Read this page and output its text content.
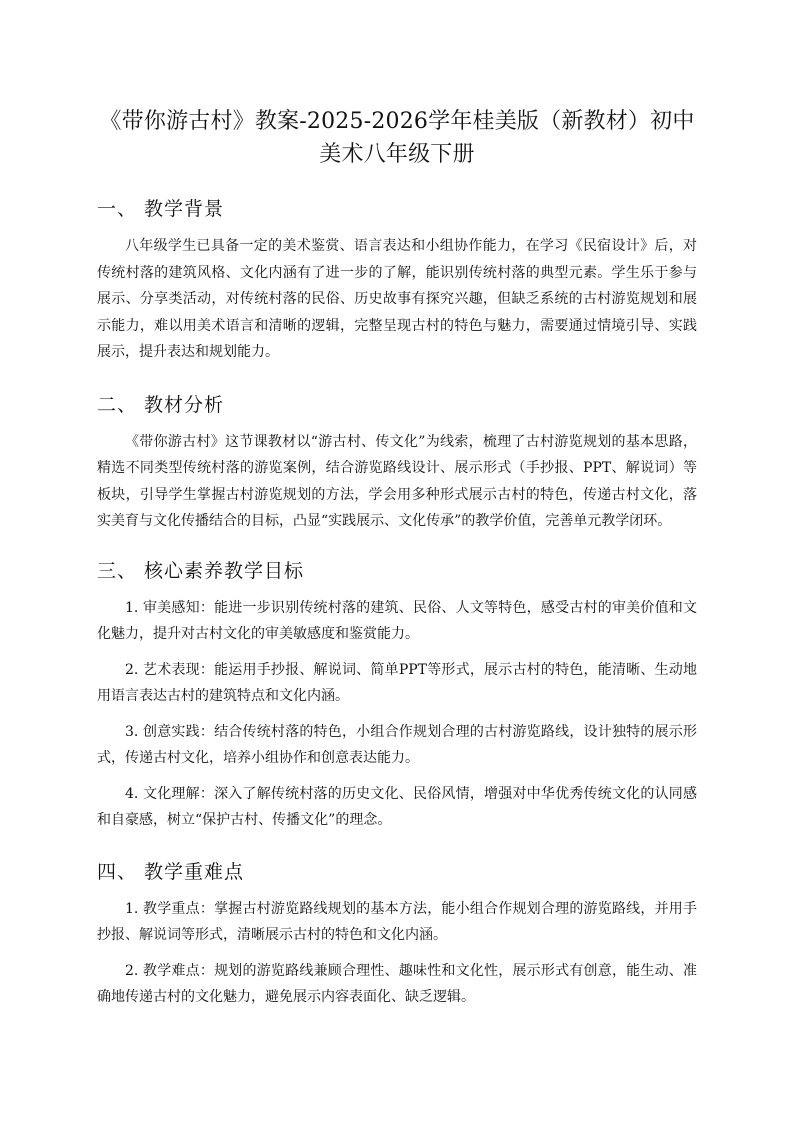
《带你游古村》教案-2025-2026学年桂美版（新教材）初中美术八年级下册
一、 教学背景

八年级学生已具备一定的美术鉴赏、语言表达和小组协作能力，在学习《民宿设计》后，对传统村落的建筑风格、文化内涵有了进一步的了解，能识别传统村落的典型元素。学生乐于参与展示、分享类活动，对传统村落的民俗、历史故事有探究兴趣，但缺乏系统的古村游览规划和展示能力，难以用美术语言和清晰的逻辑，完整呈现古村的特色与魅力，需要通过情境引导、实践展示，提升表达和规划能力。

二、 教材分析

《带你游古村》这节课教材以“游古村、传文化”为线索，梳理了古村游览规划的基本思路，精选不同类型传统村落的游览案例，结合游览路线设计、展示形式（手抄报、PPT、解说词）等板块，引导学生掌握古村游览规划的方法，学会用多种形式展示古村的特色，传递古村文化，落实美育与文化传播结合的目标，凸显“实践展示、文化传承”的教学价值，完善单元教学闭环。

三、 核心素养教学目标

1. 审美感知：能进一步识别传统村落的建筑、民俗、人文等特色，感受古村的审美价值和文化魅力，提升对古村文化的审美敏感度和鉴赏能力。

2. 艺术表现：能运用手抄报、解说词、简单PPT等形式，展示古村的特色，能清晰、生动地用语言表达古村的建筑特点和文化内涵。

3. 创意实践：结合传统村落的特色，小组合作规划合理的古村游览路线，设计独特的展示形式，传递古村文化，培养小组协作和创意表达能力。

4. 文化理解：深入了解传统村落的历史文化、民俗风情，增强对中华优秀传统文化的认同感和自豪感，树立“保护古村、传播文化”的理念。

四、 教学重难点

1. 教学重点：掌握古村游览路线规划的基本方法，能小组合作规划合理的游览路线，并用手抄报、解说词等形式，清晰展示古村的特色和文化内涵。

2. 教学难点：规划的游览路线兼顾合理性、趣味性和文化性，展示形式有创意，能生动、准确地传递古村的文化魅力，避免展示内容表面化、缺乏逻辑。
